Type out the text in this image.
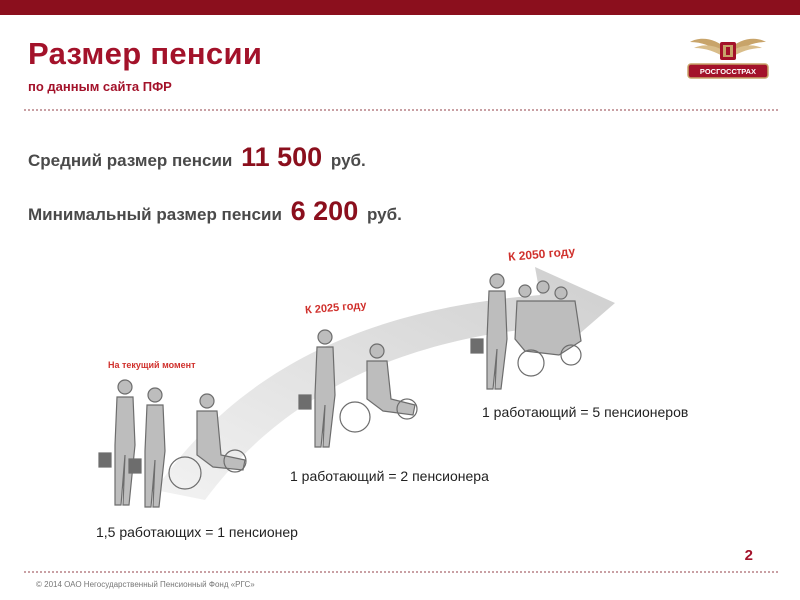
Размер пенсии
по данным сайта ПФР
РОСГОССТРАХ
Средний размер пенсии 11 500 руб.
Минимальный размер пенсии 6 200 руб.
На текущий момент
К 2025 году
К 2050 году
1,5 работающих = 1 пенсионер
1 работающий = 2 пенсионера
1 работающий = 5 пенсионеров
2
© 2014 ОАО Негосударственный Пенсионный Фонд «РГС»
